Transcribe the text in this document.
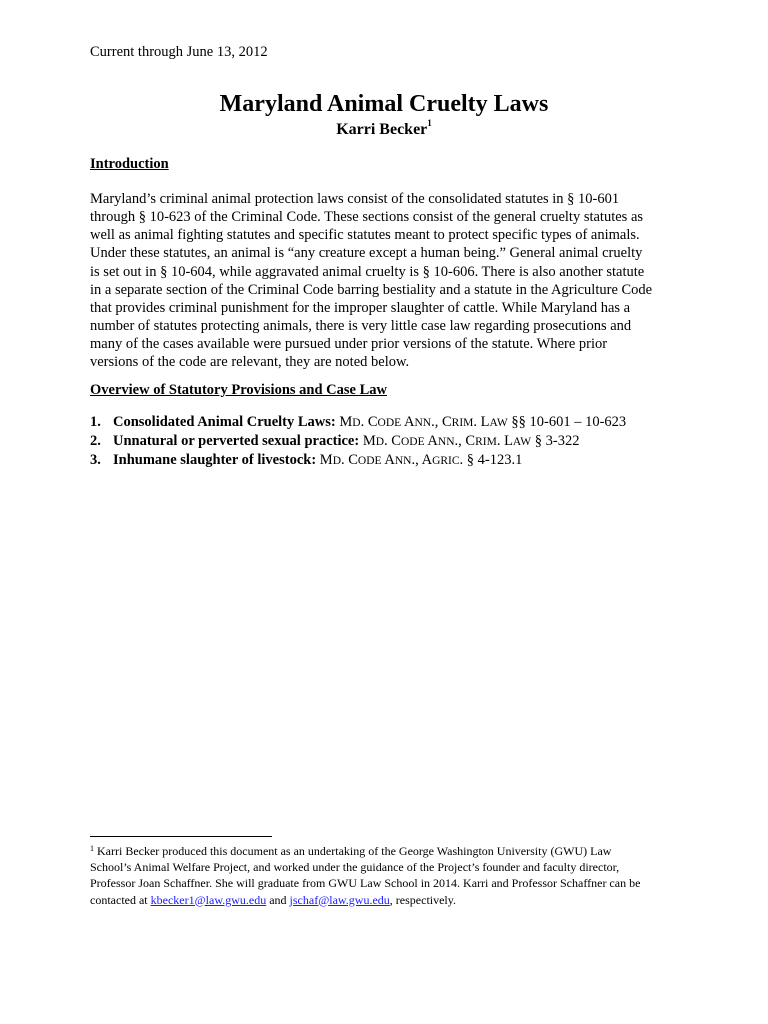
Current through June 13, 2012
Maryland Animal Cruelty Laws
Karri Becker$^1$
Introduction
Maryland’s criminal animal protection laws consist of the consolidated statutes in § 10-601
through § 10-623 of the Criminal Code. These sections consist of the general cruelty statutes as
well as animal fighting statutes and specific statutes meant to protect specific types of animals.
Under these statutes, an animal is “any creature except a human being.” General animal cruelty
is set out in § 10-604, while aggravated animal cruelty is § 10-606. There is also another statute
in a separate section of the Criminal Code barring bestiality and a statute in the Agriculture Code
that provides criminal punishment for the improper slaughter of cattle. While Maryland has a
number of statutes protecting animals, there is very little case law regarding prosecutions and
many of the cases available were pursued under prior versions of the statute. Where prior
versions of the code are relevant, they are noted below.
Overview of Statutory Provisions and Case Law
1. Consolidated Animal Cruelty Laws: MD. CODE ANN., CRIM. LAW §§ 10-601 – 10-623
2. Unnatural or perverted sexual practice: MD. CODE ANN., CRIM. LAW § 3-322
3. Inhumane slaughter of livestock: MD. CODE ANN., AGRIC. § 4-123.1
$^1$ Karri Becker produced this document as an undertaking of the George Washington University (GWU) Law
School’s Animal Welfare Project, and worked under the guidance of the Project’s founder and faculty director,
Professor Joan Schaffner. She will graduate from GWU Law School in 2014. Karri and Professor Schaffner can be
contacted at kbecker1@law.gwu.edu and jschaf@law.gwu.edu, respectively.
